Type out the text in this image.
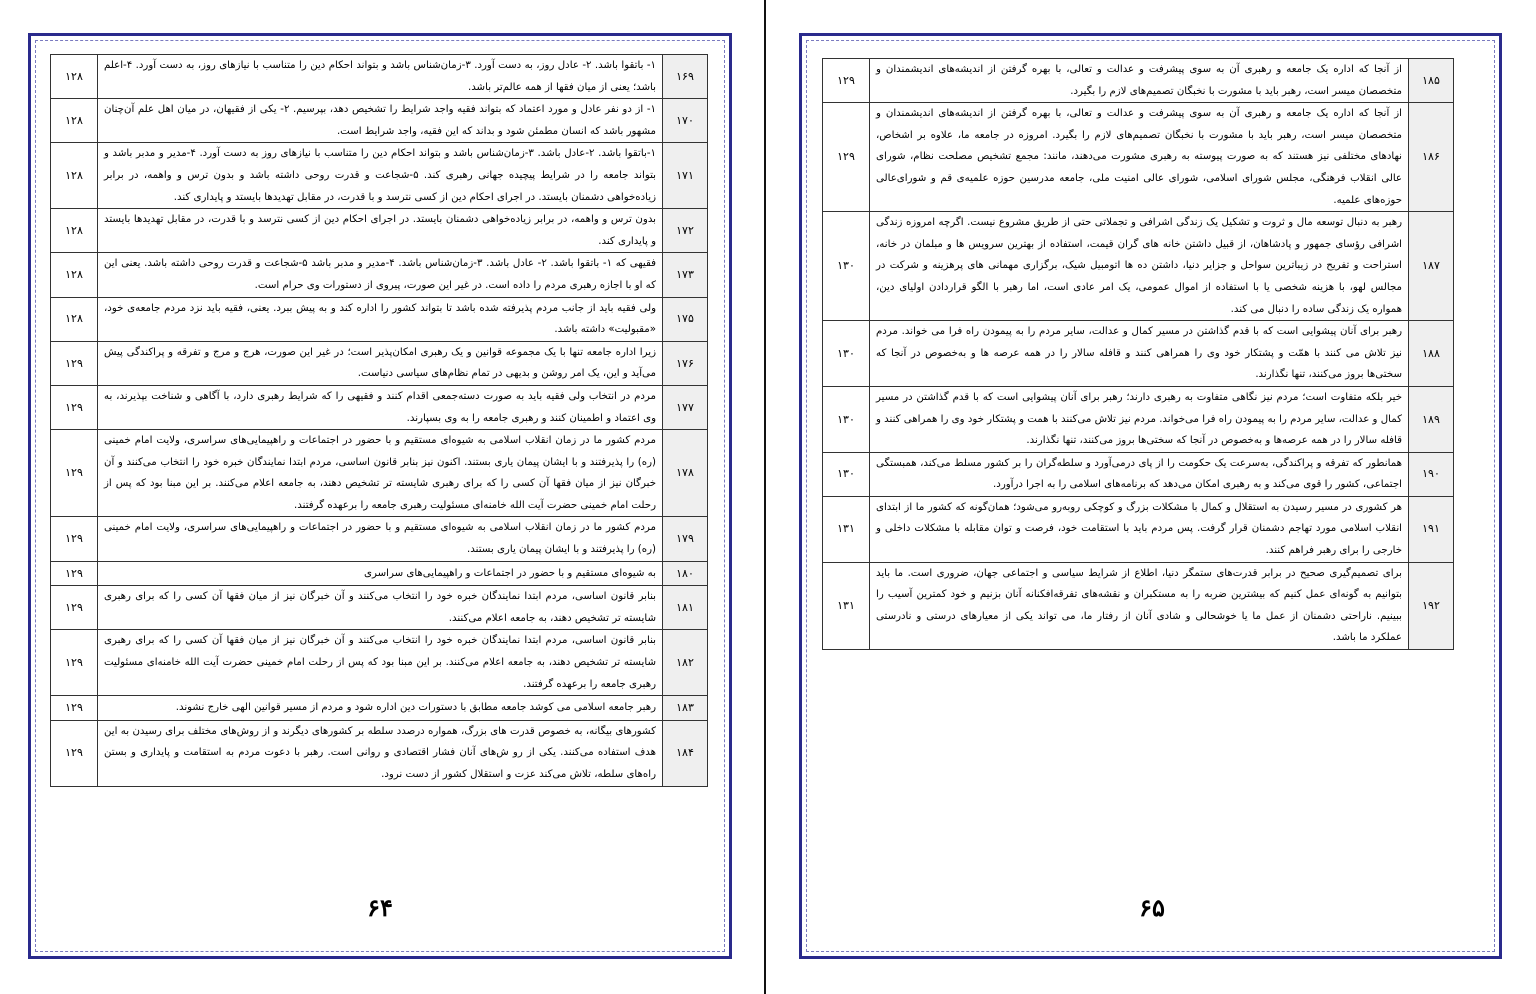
۱۶۹	۱- باتقوا باشد. ۲- عادل روز، به دست آورد. ۳-زمان‌شناس باشد و بتواند احکام دین را متناسب با نیازهای روز، به دست آورد. ۴-اعلم باشد؛ یعنی از میان فقها از همه عالم‌تر باشد.	۱۲۸
۱۷۰	۱- از دو نفر عادل و مورد اعتماد که بتواند فقیه واجد شرایط را تشخیص دهد، بپرسیم. ۲- یکی از فقیهان، در میان اهل علم آن‌چنان مشهور باشد که انسان مطمئن شود و بداند که این فقیه، واجد شرایط است.	۱۲۸
۱۷۱	۱-باتقوا باشد. ۲-عادل باشد. ۳-زمان‌شناس باشد و بتواند احکام دین را متناسب با نیازهای روز به دست آورد. ۴-مدیر و مدبر باشد و بتواند جامعه را در شرایط پیچیده جهانی رهبری کند. ۵-شجاعت و قدرت روحی داشته باشد و بدون ترس و واهمه، در برابر زیاده‌خواهی دشمنان بایستد. در اجرای احکام دین از کسی نترسد و با قدرت، در مقابل تهدیدها بایستد و پایداری کند.	۱۲۸
۱۷۲	بدون ترس و واهمه، در برابر زیاده‌خواهی دشمنان بایستد. در اجرای احکام دین از کسی نترسد و با قدرت، در مقابل تهدیدها بایستد و پایداری کند.	۱۲۸
۱۷۳	فقیهی که ۱- باتقوا باشد. ۲- عادل باشد. ۳-زمان‌شناس باشد. ۴-مدیر و مدبر باشد ۵-شجاعت و قدرت روحی داشته باشد. یعنی این که او با اجازه رهبری مردم را داده است. در غیر این صورت، پیروی از دستورات وی حرام است.	۱۲۸
۱۷۵	ولی فقیه باید از جانب مردم پذیرفته شده باشد تا بتواند کشور را اداره کند و به پیش ببرد. یعنی، فقیه باید نزد مردم جامعه‌ی خود، «مقبولیت» داشته باشد.	۱۲۸
۱۷۶	زیرا اداره جامعه تنها با یک مجموعه قوانین و یک رهبری امکان‌پذیر است؛ در غیر این صورت، هرج و مرج و تفرقه و پراکندگی پیش می‌آید و این، یک امر روشن و بدیهی در تمام نظام‌های سیاسی دنیاست.	۱۲۹
۱۷۷	مردم در انتخاب ولی فقیه باید به صورت دسته‌جمعی اقدام کنند و فقیهی را که شرایط رهبری دارد، با آگاهی و شناخت بپذیرند، به وی اعتماد و اطمینان کنند و رهبری جامعه را به وی بسپارند.	۱۲۹
۱۷۸	مردم کشور ما در زمان انقلاب اسلامی به شیوه‌ای مستقیم و با حضور در اجتماعات و راهپیمایی‌های سراسری، ولایت امام خمینی (ره) را پذیرفتند و با ایشان پیمان یاری بستند. اکنون نیز بنابر قانون اساسی، مردم ابتدا نمایندگان خبره خود را انتخاب می‌کنند و آن خبرگان نیز از میان فقها آن کسی را که برای رهبری شایسته تر تشخیص دهند، به جامعه اعلام می‌کنند. بر این مبنا بود که پس از رحلت امام خمینی حضرت آیت الله خامنه‌ای مسئولیت رهبری جامعه را برعهده گرفتند.	۱۲۹
۱۷۹	مردم کشور ما در زمان انقلاب اسلامی به شیوه‌ای مستقیم و با حضور در اجتماعات و راهپیمایی‌های سراسری، ولایت امام خمینی (ره) را پذیرفتند و با ایشان پیمان یاری بستند.	۱۲۹
۱۸۰	به شیوه‌ای مستقیم و با حضور در اجتماعات و راهپیمایی‌های سراسری	۱۲۹
۱۸۱	بنابر قانون اساسی، مردم ابتدا نمایندگان خبره خود را انتخاب می‌کنند و آن خبرگان نیز از میان فقها آن کسی را که برای رهبری شایسته تر تشخیص دهند، به جامعه اعلام می‌کنند.	۱۲۹
۱۸۲	بنابر قانون اساسی، مردم ابتدا نمایندگان خبره خود را انتخاب می‌کنند و آن خبرگان نیز از میان فقها آن کسی را که برای رهبری شایسته تر تشخیص دهند، به جامعه اعلام می‌کنند. بر این مبنا بود که پس از رحلت امام خمینی حضرت آیت الله خامنه‌ای مسئولیت رهبری جامعه را برعهده گرفتند.	۱۲۹
۱۸۳	رهبر جامعه اسلامی می کوشد جامعه مطابق با دستورات دین اداره شود و مردم از مسیر قوانین الهی خارج نشوند.	۱۲۹
۱۸۴	کشورهای بیگانه، به خصوص قدرت های بزرگ، همواره درصدد سلطه بر کشورهای دیگرند و از روش‌های مختلف برای رسیدن به این هدف استفاده می‌کنند. یکی از رو ش‌های آنان فشار اقتصادی و روانی است. رهبر با دعوت مردم به استقامت و پایداری و بستن راه‌های سلطه، تلاش می‌کند عزت و استقلال کشور از دست نرود.	۱۲۹
۱۸۵	از آنجا که اداره یک جامعه و رهبری آن به سوی پیشرفت و عدالت و تعالی، با بهره گرفتن از اندیشه‌های اندیشمندان و متخصصان میسر است، رهبر باید با مشورت با نخبگان تصمیم‌های لازم را بگیرد.	۱۲۹
۱۸۶	از آنجا که اداره یک جامعه و رهبری آن به سوی پیشرفت و عدالت و تعالی، با بهره گرفتن از اندیشه‌های اندیشمندان و متخصصان میسر است، رهبر باید با مشورت با نخبگان تصمیم‌های لازم را بگیرد. امروزه در جامعه ما، علاوه بر اشخاص، نهادهای مختلفی نیز هستند که به صورت پیوسته به رهبری مشورت می‌دهند، مانند: مجمع تشخیص مصلحت نظام، شورای عالی انقلاب فرهنگی، مجلس شورای اسلامی، شورای عالی امنیت ملی، جامعه مدرسین حوزه علمیه‌ی قم و شورای‌عالی حوزه‌های علمیه.	۱۲۹
۱۸۷	رهبر به دنبال توسعه مال و ثروت و تشکیل یک زندگی اشرافی و تجملاتی حتی از طریق مشروع نیست. اگرچه امروزه زندگی اشرافی رؤسای جمهور و پادشاهان، از قبیل داشتن خانه های گران قیمت، استفاده از بهترین سرویس ها و مبلمان در خانه، استراحت و تفریح در زیباترین سواحل و جزایر دنیا، داشتن ده ها اتومبیل شیک، برگزاری مهمانی های پرهزینه و شرکت در مجالس لهو، با هزینه شخصی یا با استفاده از اموال عمومی، یک امر عادی است، اما رهبر با الگو قراردادن اولیای دین، همواره یک زندگی ساده را دنبال می کند.	۱۳۰
۱۸۸	رهبر برای آنان پیشوایی است که با قدم گذاشتن در مسیر کمال و عدالت، سایر مردم را به پیمودن راه فرا می خواند. مردم نیز تلاش می کنند با همّت و پشتکار خود وی را همراهی کنند و قافله سالار را در همه عرصه ها و به‌خصوص در آنجا که سختی‌ها بروز می‌کنند، تنها نگذارند.	۱۳۰
۱۸۹	خیر بلکه متفاوت است؛ مردم نیز نگاهی متفاوت به رهبری دارند؛ رهبر برای آنان پیشوایی است که با قدم گذاشتن در مسیر کمال و عدالت، سایر مردم را به پیمودن راه فرا می‌خواند. مردم نیز تلاش می‌کنند با همت و پشتکار خود وی را همراهی کنند و قافله سالار را در همه عرصه‌ها و به‌خصوص در آنجا که سختی‌ها بروز می‌کنند، تنها نگذارند.	۱۳۰
۱۹۰	همانطور که تفرقه و پراکندگی، به‌سرعت یک حکومت را از پای درمی‌آورد و سلطه‌گران را بر کشور مسلط می‌کند، همبستگی اجتماعی، کشور را قوی می‌کند و به رهبری امکان می‌دهد که برنامه‌های اسلامی را به اجرا درآورد.	۱۳۰
۱۹۱	هر کشوری در مسیر رسیدن به استقلال و کمال با مشکلات بزرگ و کوچکی روبه‌رو می‌شود؛ همان‌گونه که کشور ما از ابتدای انقلاب اسلامی مورد تهاجم دشمنان قرار گرفت. پس مردم باید با استقامت خود، فرصت و توان مقابله با مشکلات داخلی و خارجی را برای رهبر فراهم کنند.	۱۳۱
۱۹۲	برای تصمیم‌گیری صحیح در برابر قدرت‌های ستمگر دنیا، اطلاع از شرایط سیاسی و اجتماعی جهان، ضروری است. ما باید بتوانیم به گونه‌ای عمل کنیم که بیشترین ضربه را به مستکبران و نقشه‌های تفرقه‌افکنانه آنان بزنیم و خود کمترین آسیب را ببینیم. ناراحتی دشمنان از عمل ما یا خوشحالی و شادی آنان از رفتار ما، می تواند یکی از معیارهای درستی و نادرستی عملکرد ما باشد.	۱۳۱
۶۴	۶۵
